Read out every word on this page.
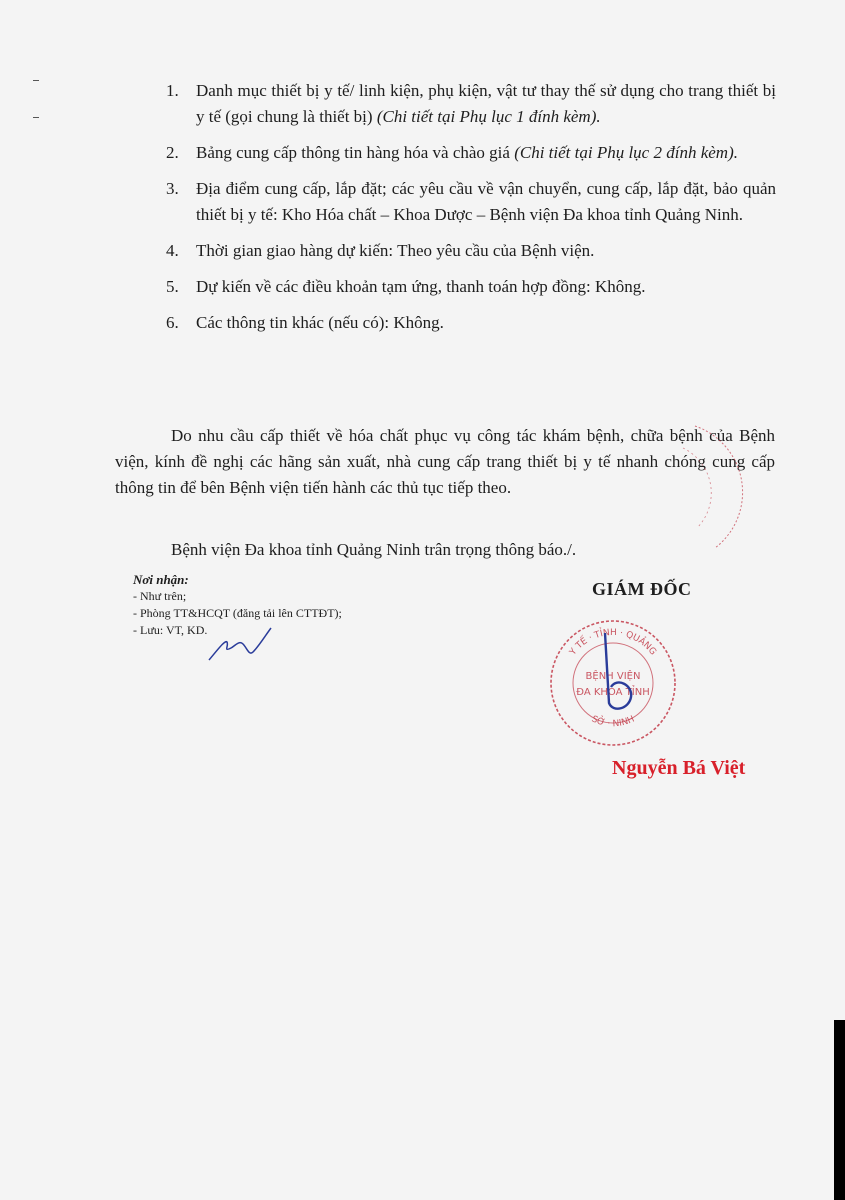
1. Danh mục thiết bị y tế/ linh kiện, phụ kiện, vật tư thay thế sử dụng cho trang thiết bị y tế (gọi chung là thiết bị) (Chi tiết tại Phụ lục 1 đính kèm).
2. Bảng cung cấp thông tin hàng hóa và chào giá (Chi tiết tại Phụ lục 2 đính kèm).
3. Địa điểm cung cấp, lắp đặt; các yêu cầu về vận chuyển, cung cấp, lắp đặt, bảo quản thiết bị y tế: Kho Hóa chất – Khoa Dược – Bệnh viện Đa khoa tỉnh Quảng Ninh.
4. Thời gian giao hàng dự kiến: Theo yêu cầu của Bệnh viện.
5. Dự kiến về các điều khoản tạm ứng, thanh toán hợp đồng: Không.
6. Các thông tin khác (nếu có): Không.
Do nhu cầu cấp thiết về hóa chất phục vụ công tác khám bệnh, chữa bệnh của Bệnh viện, kính đề nghị các hãng sản xuất, nhà cung cấp trang thiết bị y tế nhanh chóng cung cấp thông tin để bên Bệnh viện tiến hành các thủ tục tiếp theo.
Bệnh viện Đa khoa tỉnh Quảng Ninh trân trọng thông báo./.
Nơi nhận:
- Như trên;
- Phòng TT&HCQT (đăng tải lên CTTĐT);
- Lưu: VT, KD.
GIÁM ĐỐC
Y TẾ · TỈNH · QUẢNG
BỆNH VIỆN
ĐA KHOA TỈNH
SỞ · NINH
Nguyễn Bá Việt
